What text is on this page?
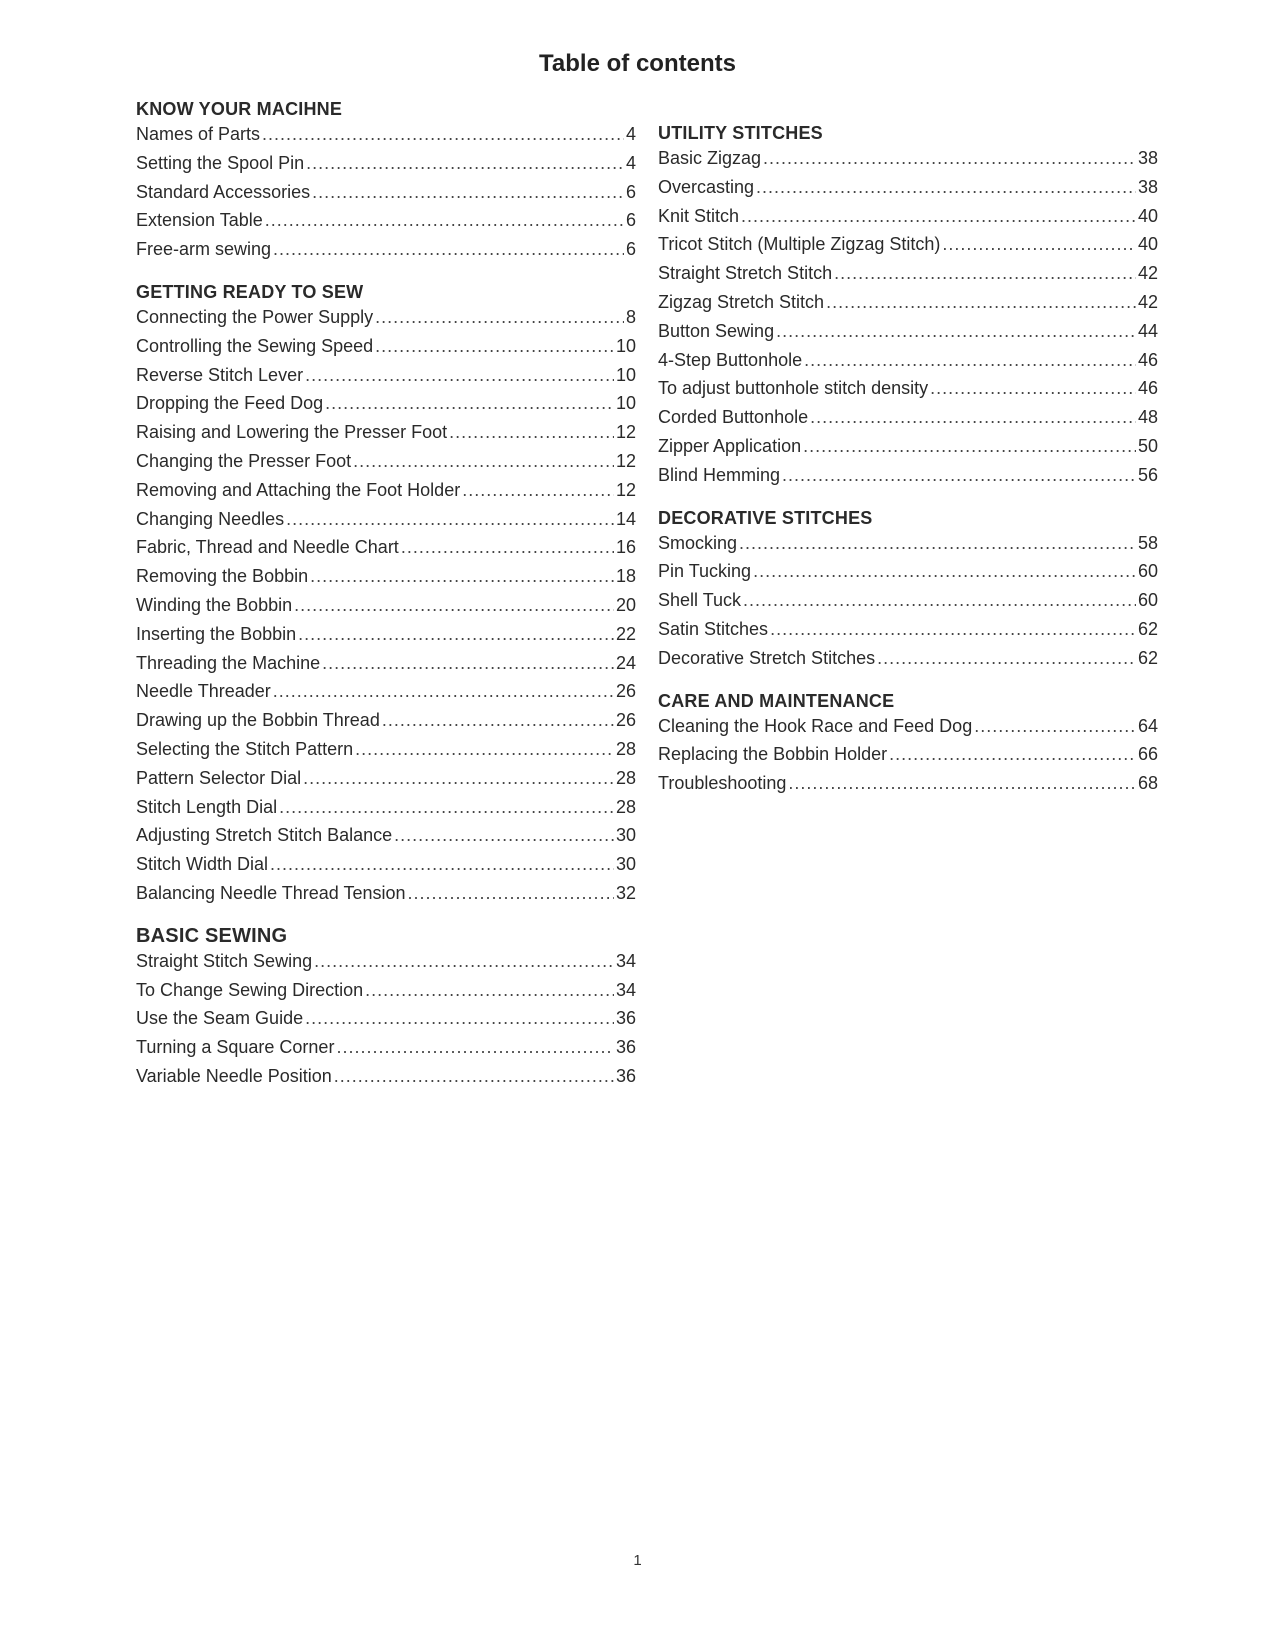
Table of contents
KNOW YOUR MACIHNE
Names of Parts .....	4
Setting the Spool Pin .....	4
Standard Accessories .....	6
Extension Table .....	6
Free-arm sewing .....	6
GETTING READY TO SEW
Connecting the Power Supply .....	8
Controlling the Sewing Speed .....	10
Reverse Stitch Lever .....	10
Dropping the Feed Dog .....	10
Raising and Lowering the Presser Foot .....	12
Changing the Presser Foot .....	12
Removing and Attaching the Foot Holder .....	12
Changing Needles .....	14
Fabric, Thread and Needle Chart .....	16
Removing the Bobbin .....	18
Winding the Bobbin .....	20
Inserting the Bobbin .....	22
Threading the Machine .....	24
Needle Threader .....	26
Drawing up the Bobbin Thread .....	26
Selecting the Stitch Pattern .....	28
Pattern Selector Dial .....	28
Stitch Length Dial .....	28
Adjusting Stretch Stitch Balance .....	30
Stitch Width Dial .....	30
Balancing Needle Thread Tension .....	32
BASIC SEWING
Straight Stitch Sewing .....	34
To Change Sewing Direction .....	34
Use the Seam Guide .....	36
Turning a Square Corner .....	36
Variable Needle Position .....	36
UTILITY STITCHES
Basic Zigzag .....	38
Overcasting .....	38
Knit Stitch .....	40
Tricot Stitch (Multiple Zigzag Stitch) .....	40
Straight Stretch Stitch .....	42
Zigzag Stretch Stitch .....	42
Button Sewing .....	44
4-Step Buttonhole .....	46
To adjust buttonhole stitch density .....	46
Corded Buttonhole .....	48
Zipper Application .....	50
Blind Hemming .....	56
DECORATIVE STITCHES
Smocking .....	58
Pin Tucking .....	60
Shell Tuck .....	60
Satin Stitches .....	62
Decorative Stretch Stitches .....	62
CARE AND MAINTENANCE
Cleaning the Hook Race and Feed Dog .....	64
Replacing the Bobbin Holder .....	66
Troubleshooting .....	68
1
